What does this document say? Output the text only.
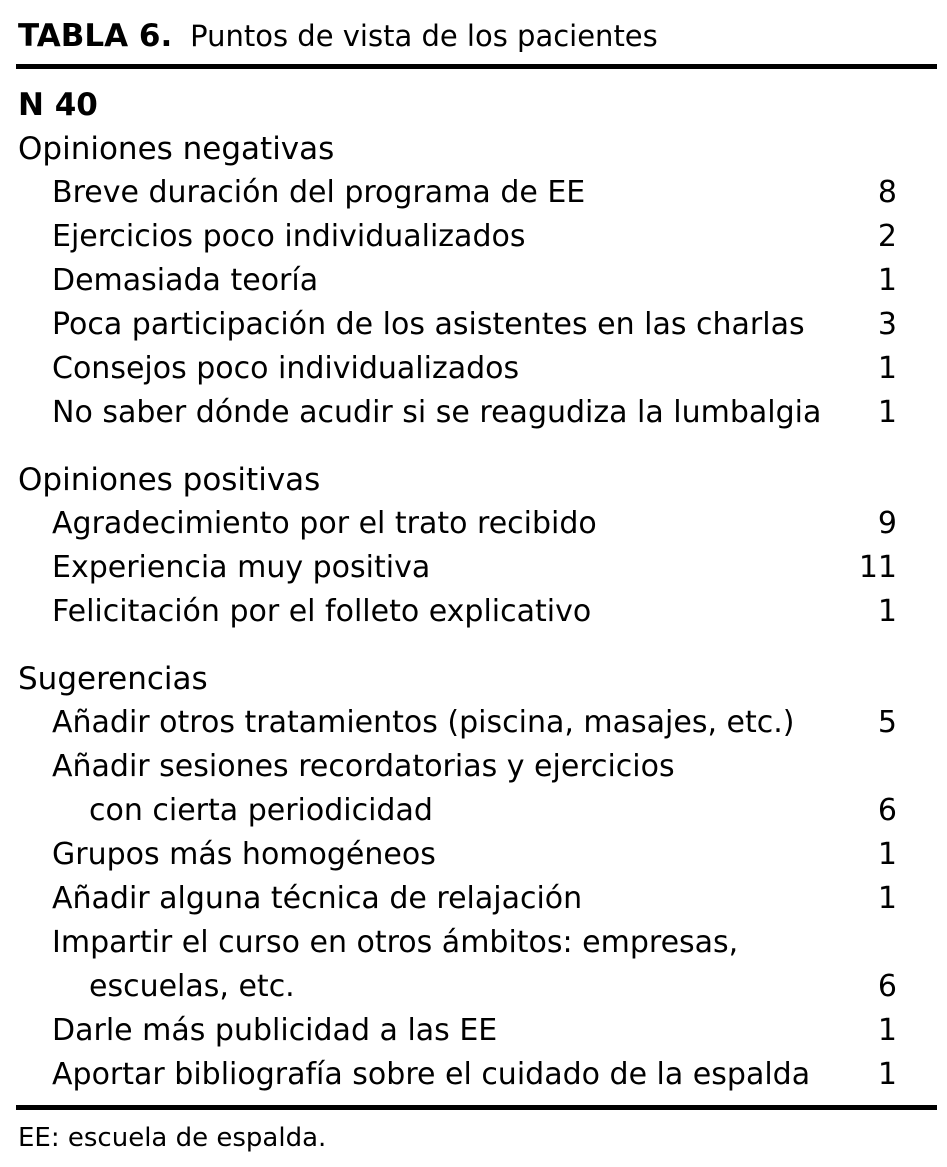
TABLA 6. Puntos de vista de los pacientes
N 40
Opiniones negativas
Breve duración del programa de EE	8
Ejercicios poco individualizados	2
Demasiada teoría	1
Poca participación de los asistentes en las charlas 3
Consejos poco individualizados	1
No saber dónde acudir si se reagudiza la lumbalgia 1
Opiniones positivas
Agradecimiento por el trato recibido	9
Experiencia muy positiva	11
Felicitación por el folleto explicativo	1
Sugerencias
Añadir otros tratamientos (piscina, masajes, etc.)	5
Añadir sesiones recordatorias y ejercicios
con cierta periodicidad	6
Grupos más homogéneos	1
Añadir alguna técnica de relajación	1
Impartir el curso en otros ámbitos: empresas,
escuelas, etc.	6
Darle más publicidad a las EE	1
Aportar bibliografía sobre el cuidado de la espalda 1
EE: escuela de espalda.
